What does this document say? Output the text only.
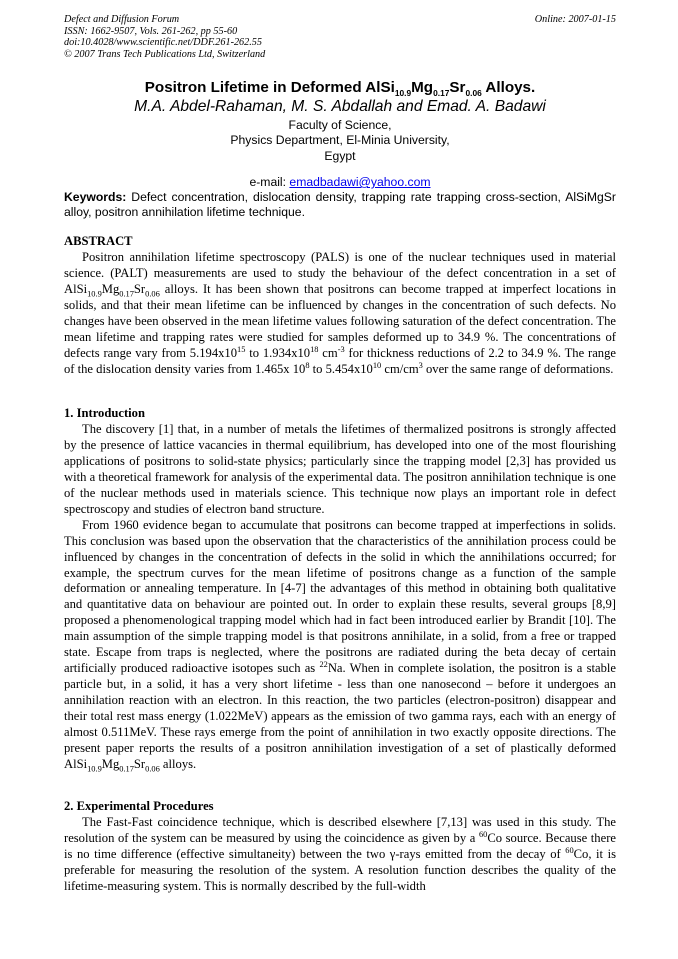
Defect and Diffusion Forum
ISSN: 1662-9507, Vols. 261-262, pp 55-60
doi:10.4028/www.scientific.net/DDF.261-262.55
© 2007 Trans Tech Publications Ltd, Switzerland
Online: 2007-01-15
Positron Lifetime in Deformed $AlSi_{10.9}Mg_{0.17}Sr_{0.06}$ Alloys.
M.A. Abdel-Rahaman, M. S. Abdallah and Emad. A. Badawi
Faculty of Science,
Physics Department, El-Minia University,
Egypt
e-mail: emadbadawi@yahoo.com
Keywords: Defect concentration, dislocation density, trapping rate trapping cross-section, AlSiMgSr alloy, positron annihilation lifetime technique.
ABSTRACT

Positron annihilation lifetime spectroscopy (PALS) is one of the nuclear techniques used in material science. (PALT) measurements are used to study the behaviour of the defect concentration in a set of $AlSi_{10.9}Mg_{0.17}Sr_{0.06}$ alloys. It has been shown that positrons can become trapped at imperfect locations in solids, and that their mean lifetime can be influenced by changes in the concentration of such defects. No changes have been observed in the mean lifetime values following saturation of the defect concentration. The mean lifetime and trapping rates were studied for samples deformed up to 34.9 %. The concentrations of defects range vary from $5.194x10^{15}$ to $1.934x10^{18}$ $cm^{-3}$ for thickness reductions of 2.2 to 34.9 %. The range of the dislocation density varies from 1.465x $10^8$ to $5.454x10^{10}$ $cm/cm^3$ over the same range of deformations.

1. Introduction

The discovery [1] that, in a number of metals the lifetimes of thermalized positrons is strongly affected by the presence of lattice vacancies in thermal equilibrium, has developed into one of the most flourishing applications of positrons to solid-state physics; particularly since the trapping model [2,3] has provided us with a theoretical framework for analysis of the experimental data. The positron annihilation technique is one of the nuclear methods used in materials science. This technique now plays an important role in defect spectroscopy and studies of electron band structure.

From 1960 evidence began to accumulate that positrons can become trapped at imperfections in solids. This conclusion was based upon the observation that the characteristics of the annihilation process could be influenced by changes in the concentration of defects in the solid in which the annihilations occurred; for example, the spectrum curves for the mean lifetime of positrons change as a function of the sample deformation or annealing temperature. In [4-7] the advantages of this method in obtaining both qualitative and quantitative data on behaviour are pointed out. In order to explain these results, several groups [8,9] proposed a phenomenological trapping model which had in fact been introduced earlier by Brandit [10]. The main assumption of the simple trapping model is that positrons annihilate, in a solid, from a free or trapped state. Escape from traps is neglected, where the positrons are radiated during the beta decay of certain artificially produced radioactive isotopes such as $^{22}$Na. When in complete isolation, the positron is a stable particle but, in a solid, it has a very short lifetime - less than one nanosecond – before it undergoes an annihilation reaction with an electron. In this reaction, the two particles (electron-positron) disappear and their total rest mass energy (1.022MeV) appears as the emission of two gamma rays, each with an energy of almost 0.511MeV. These rays emerge from the point of annihilation in two exactly opposite directions. The present paper reports the results of a positron annihilation investigation of a set of plastically deformed $AlSi_{10.9}Mg_{0.17}Sr_{0.06}$ alloys.

2. Experimental Procedures

The Fast-Fast coincidence technique, which is described elsewhere [7,13] was used in this study. The resolution of the system can be measured by using the coincidence as given by a $^{60}$Co source. Because there is no time difference (effective simultaneity) between the two γ-rays emitted from the decay of $^{60}$Co, it is preferable for measuring the resolution of the system. A resolution function describes the quality of the lifetime-measuring system. This is normally described by the full-width
